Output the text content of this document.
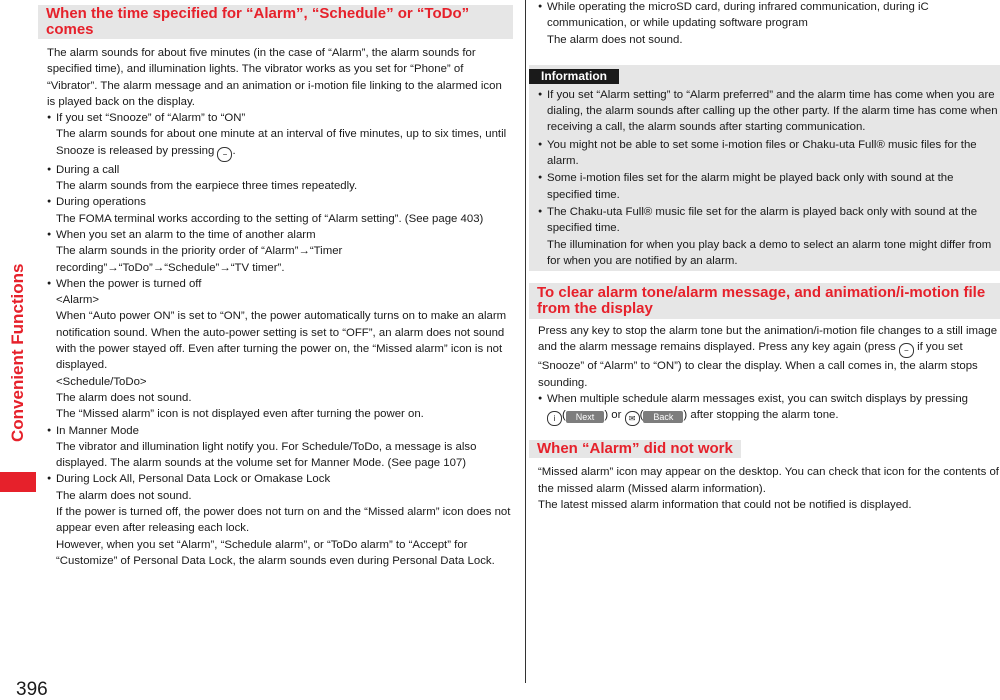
Convenient Functions
396
When the time specified for “Alarm”, “Schedule” or “ToDo” comes

The alarm sounds for about five minutes (in the case of “Alarm”, the alarm sounds for specified time), and illumination lights. The vibrator works as you set for “Phone” of “Vibrator”. The alarm message and an animation or i-motion file linking to the alarmed icon is played back on the display.

● If you set “Snooze” of “Alarm” to “ON”
The alarm sounds for about one minute at an interval of five minutes, up to six times, until Snooze is released by pressing − .
● During a call
The alarm sounds from the earpiece three times repeatedly.
● During operations
The FOMA terminal works according to the setting of “Alarm setting”. (See page 403)
● When you set an alarm to the time of another alarm
The alarm sounds in the priority order of “Alarm”→“Timer recording”→“ToDo”→“Schedule”→“TV timer”.
● When the power is turned off
<Alarm>
When “Auto power ON” is set to “ON”, the power automatically turns on to make an alarm notification sound. When the auto-power setting is set to “OFF”, an alarm does not sound with the power stayed off. Even after turning the power on, the “Missed alarm” icon is not displayed.
<Schedule/ToDo>
The alarm does not sound.
The “Missed alarm” icon is not displayed even after turning the power on.
● In Manner Mode
The vibrator and illumination light notify you. For Schedule/ToDo, a message is also displayed. The alarm sounds at the volume set for Manner Mode. (See page 107)
● During Lock All, Personal Data Lock or Omakase Lock
The alarm does not sound.
If the power is turned off, the power does not turn on and the “Missed alarm” icon does not appear even after releasing each lock.
However, when you set “Alarm”, “Schedule alarm”, or “ToDo alarm” to “Accept” for “Customize” of Personal Data Lock, the alarm sounds even during Personal Data Lock.
● While operating the microSD card, during infrared communication, during iC communication, or while updating software program
The alarm does not sound.
Information
● If you set “Alarm setting” to “Alarm preferred” and the alarm time has come when you are dialing, the alarm sounds after calling up the other party. If the alarm time has come when receiving a call, the alarm sounds after starting communication.
● You might not be able to set some i-motion files or Chaku-uta Full® music files for the alarm.
● Some i-motion files set for the alarm might be played back only with sound at the specified time.
● The Chaku-uta Full® music file set for the alarm is played back only with sound at the specified time.
The illumination for when you play back a demo to select an alarm tone might differ from for when you are notified by an alarm.
To clear alarm tone/alarm message, and animation/i-motion file from the display

Press any key to stop the alarm tone but the animation/i-motion file changes to a still image and the alarm message remains displayed. Press any key again (press − if you set “Snooze” of “Alarm” to “ON”) to clear the display. When a call comes in, the alarm stops sounding.

● When multiple schedule alarm messages exist, you can switch displays by pressing
i ( Next ) or ✉ ( Back ) after stopping the alarm tone.
When “Alarm” did not work

“Missed alarm” icon may appear on the desktop. You can check that icon for the contents of the missed alarm (Missed alarm information).

The latest missed alarm information that could not be notified is displayed.
